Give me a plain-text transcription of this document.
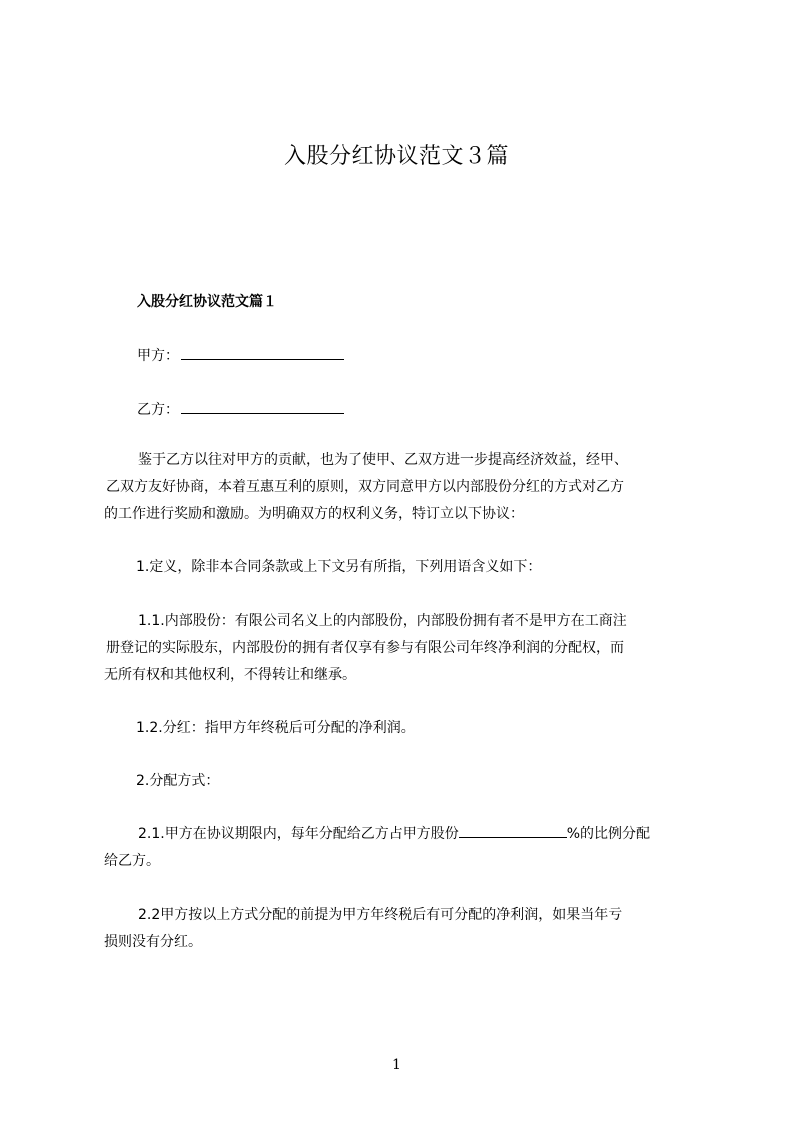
入股分红协议范文３篇
入股分红协议范文篇１
甲方：
乙方：
鉴于乙方以往对甲方的贡献，也为了使甲、乙双方进一步提高经济效益，经甲、
乙双方友好协商，本着互惠互利的原则，双方同意甲方以内部股份分红的方式对乙方
的工作进行奖励和激励。为明确双方的权利义务，特订立以下协议：
1.定义，除非本合同条款或上下文另有所指，下列用语含义如下：
1.1.内部股份：有限公司名义上的内部股份，内部股份拥有者不是甲方在工商注
册登记的实际股东，内部股份的拥有者仅享有参与有限公司年终净利润的分配权，而
无所有权和其他权利，不得转让和继承。
1.2.分红：指甲方年终税后可分配的净利润。
2.分配方式：
2.1.甲方在协议期限内，每年分配给乙方占甲方股份	%的比例分配
给乙方。
2.2甲方按以上方式分配的前提为甲方年终税后有可分配的净利润，如果当年亏
损则没有分红。
1
